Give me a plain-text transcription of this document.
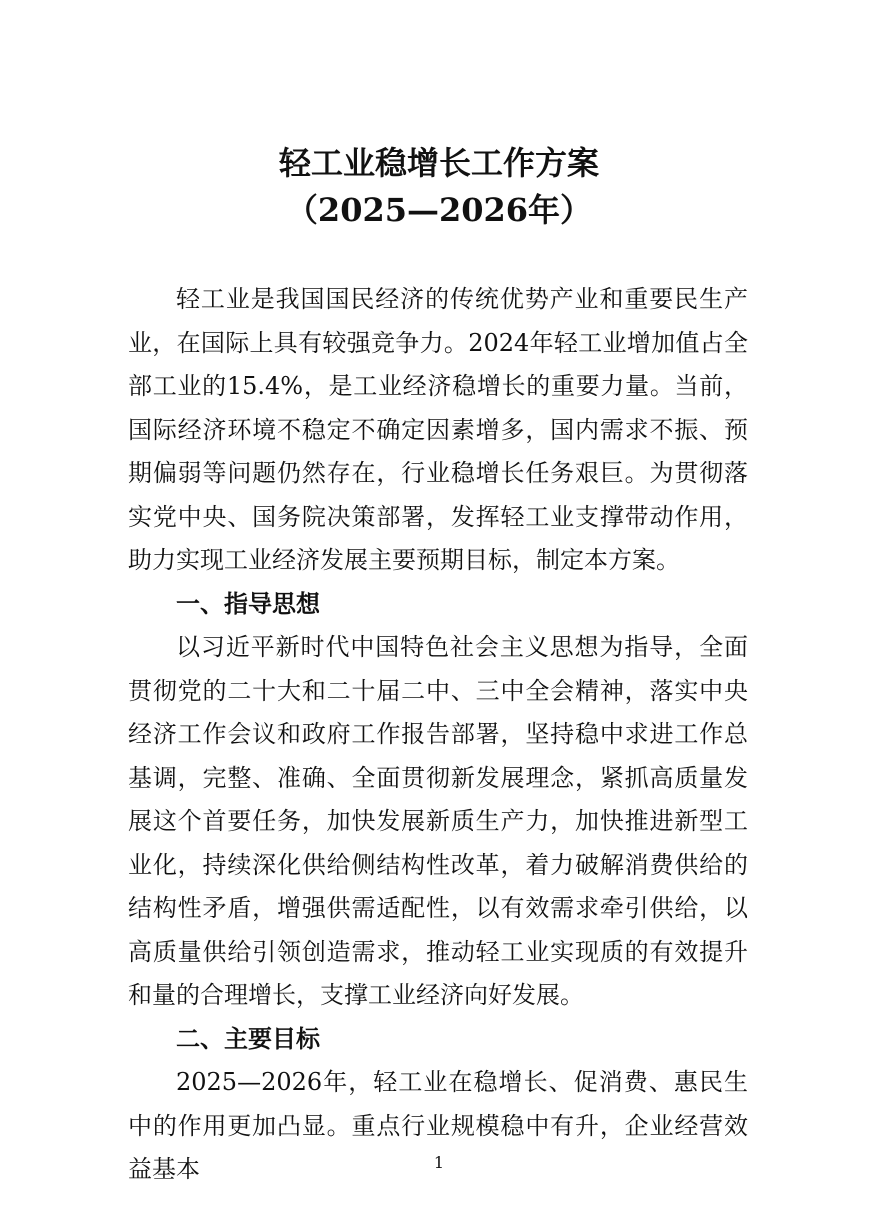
轻工业稳增长工作方案
（2025—2026年）

轻工业是我国国民经济的传统优势产业和重要民生产业，在国际上具有较强竞争力。2024年轻工业增加值占全部工业的15.4%，是工业经济稳增长的重要力量。当前，国际经济环境不稳定不确定因素增多，国内需求不振、预期偏弱等问题仍然存在，行业稳增长任务艰巨。为贯彻落实党中央、国务院决策部署，发挥轻工业支撑带动作用，助力实现工业经济发展主要预期目标，制定本方案。

一、指导思想

以习近平新时代中国特色社会主义思想为指导，全面贯彻党的二十大和二十届二中、三中全会精神，落实中央经济工作会议和政府工作报告部署，坚持稳中求进工作总基调，完整、准确、全面贯彻新发展理念，紧抓高质量发展这个首要任务，加快发展新质生产力，加快推进新型工业化，持续深化供给侧结构性改革，着力破解消费供给的结构性矛盾，增强供需适配性，以有效需求牵引供给，以高质量供给引领创造需求，推动轻工业实现质的有效提升和量的合理增长，支撑工业经济向好发展。

二、主要目标

2025—2026年，轻工业在稳增长、促消费、惠民生中的作用更加凸显。重点行业规模稳中有升，企业经营效益基本	1
